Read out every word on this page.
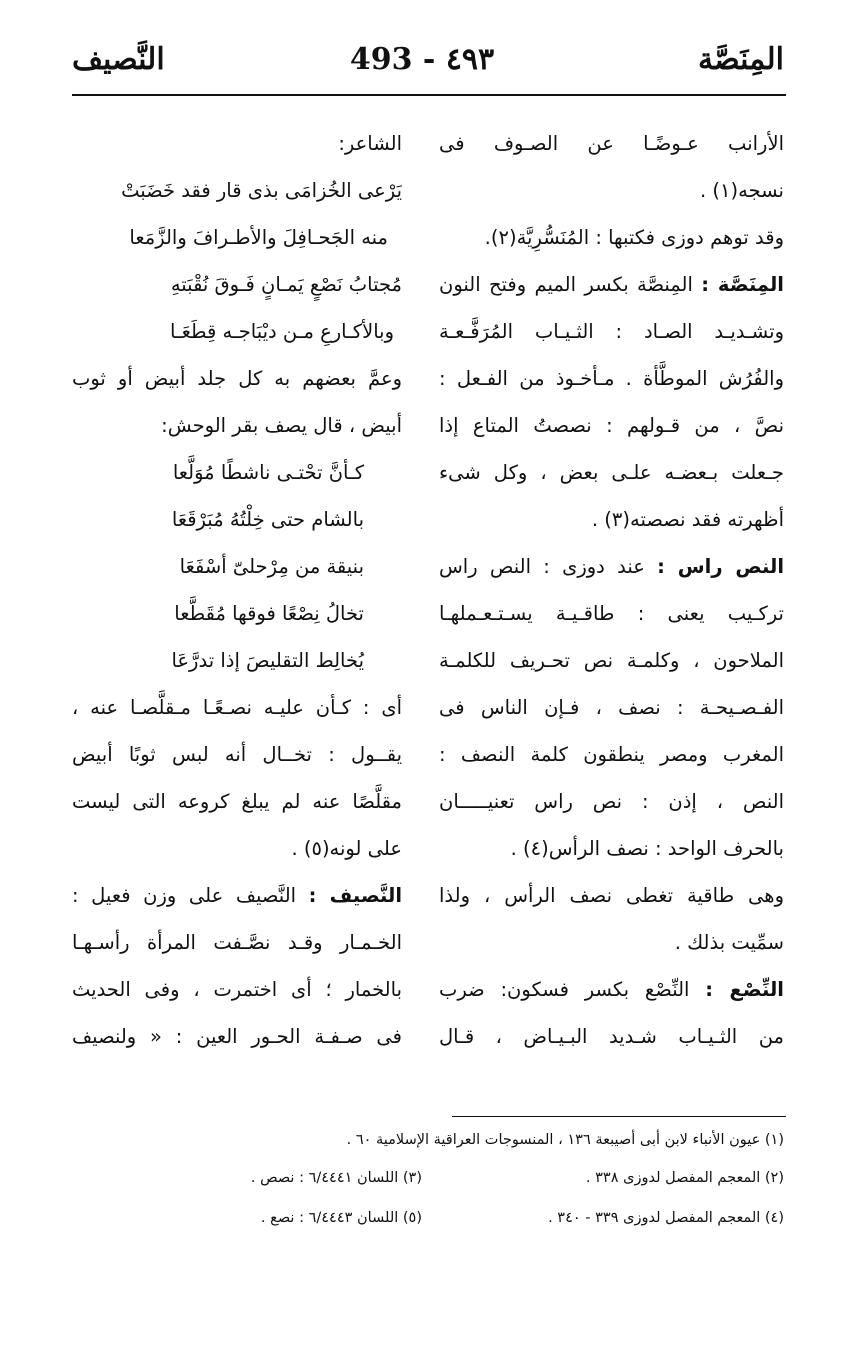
المِنَصَّة
493 - ٤٩٣
النَّصيف
الأرانب عـوضًـا عن الصـوف فى
نسجه(١) .
وقد توهم دوزى فكتبها : المُنَسُّرِيَّة(٢).
المِنَصَّة : المِنصَّة بكسر الميم وفتح النون
وتشـديـد الصـاد : الثـيـاب المُرَفَّـعـة
والفُرُش الموطَّأة . مـأخـوذ من الفـعل :
نصَّ ، من قـولهم : نصصتُ المتاع إذا
جـعلت بـعضـه علـى بعض ، وكل شىء
أظهرته فقد نصصته(٣) .
النص راس : عند دوزى : النص راس
تركـيب يعنى : طاقـيـة يسـتـعـملهـا
الملاحون ، وكلمـة نص تحـريف للكلمـة
الفـصـيحـة : نصف ، فـإن الناس فى
المغرب ومصر ينطقون كلمة النصف :
النص ، إذن : نص راس تعنيـــــان
بالحرف الواحد : نصف الرأس(٤) .
وهى طاقية تغطى نصف الرأس ، ولذا
سمِّيت بذلك .
النِّصْع : النِّصْع بكسر فسكون: ضرب
من الثـيـاب شـديد البـيـاض ، قـال
الشاعر:
يَرْعى الخُزامَى بذى قار فقد خَضَبَتْ
منه الجَحـافِلَ والأطـرافَ والزَّمَعا
مُجتابُ نَصْعٍ يَمـانٍ فَـوقَ نُقْبَتهِ
وبالأكـارعِ مـن ديْبَاجـه قِطَعَـا
وعمَّ بعضهم به كل جلد أبيض أو ثوب
أبيض ، قال يصف بقر الوحش:
كـأنَّ تحْتـى ناشطًا مُوَلَّعا
بالشام حتى خِلْتُهُ مُبَرْقَعَا
بنيقة من مِرْحلىّ أسْفَعَا
تخالُ نِصْعًا فوقها مُقَطَّعا
يُخالِط التقليصَ إذا تدرَّعَا
أى : كـأن عليـه نصـعًـا مـقلَّصـا عنه ،
يقــول : تخــال أنه لبس ثوبًا أبيض
مقلَّصًا عنه لم يبلغ كروعه التى ليست
على لونه(٥) .
النَّصيف : النَّصيف على وزن فعيل :
الخـمـار وقـد نصَّـفت المرأة رأسـهـا
بالخمار ؛ أى اختمرت ، وفى الحديث
فى صـفـة الحـور العين : « ولنصيف
(١) عيون الأنباء لابن أبى أصيبعة ١٣٦ ، المنسوجات العراقية الإسلامية ٦٠ .
(٢) المعجم المفصل لدوزى ٣٣٨ .
(٣) اللسان ٦/٤٤٤١ : نصص .
(٤) المعجم المفصل لدوزى ٣٣٩ - ٣٤٠ .
(٥) اللسان ٦/٤٤٤٣ : نصع .
